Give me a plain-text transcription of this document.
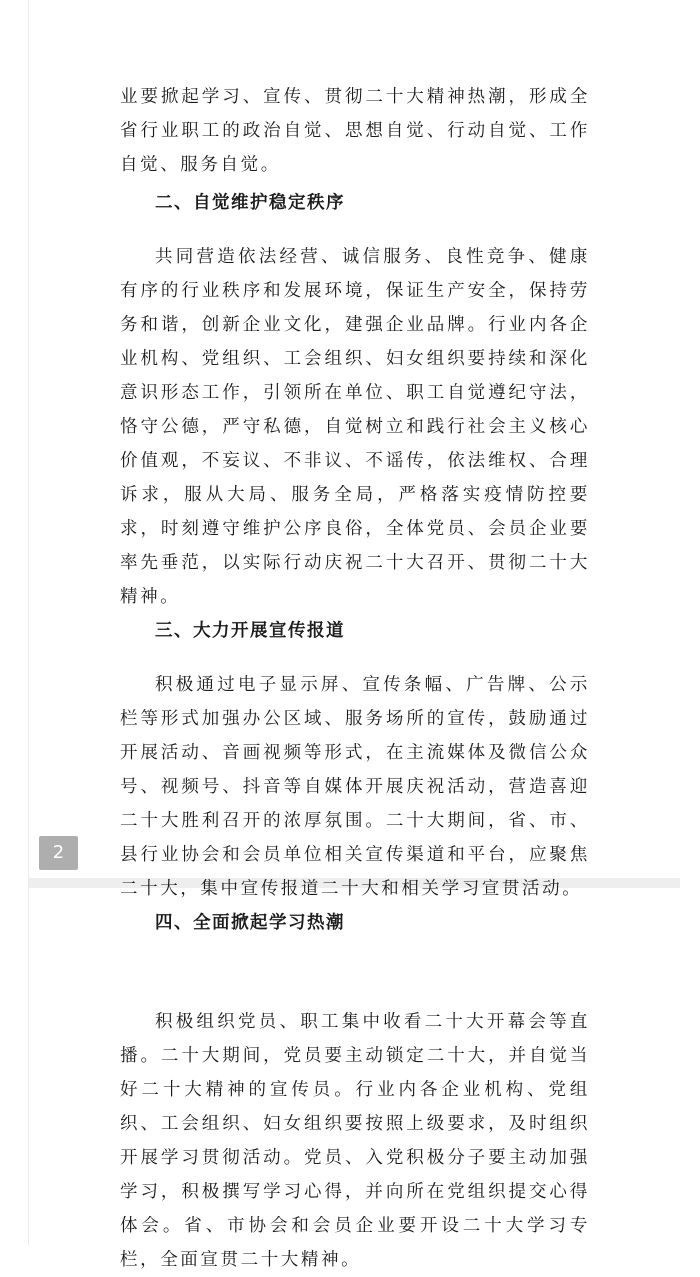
业要掀起学习、宣传、贯彻二十大精神热潮，形成全省行业职工的政治自觉、思想自觉、行动自觉、工作自觉、服务自觉。

二、自觉维护稳定秩序

共同营造依法经营、诚信服务、良性竞争、健康有序的行业秩序和发展环境，保证生产安全，保持劳务和谐，创新企业文化，建强企业品牌。行业内各企业机构、党组织、工会组织、妇女组织要持续和深化意识形态工作，引领所在单位、职工自觉遵纪守法，恪守公德，严守私德，自觉树立和践行社会主义核心价值观，不妄议、不非议、不谣传，依法维权、合理诉求，服从大局、服务全局，严格落实疫情防控要求，时刻遵守维护公序良俗，全体党员、会员企业要率先垂范，以实际行动庆祝二十大召开、贯彻二十大精神。

三、大力开展宣传报道

积极通过电子显示屏、宣传条幅、广告牌、公示栏等形式加强办公区域、服务场所的宣传，鼓励通过开展活动、音画视频等形式，在主流媒体及微信公众号、视频号、抖音等自媒体开展庆祝活动，营造喜迎二十大胜利召开的浓厚氛围。二十大期间，省、市、县行业协会和会员单位相关宣传渠道和平台，应聚焦二十大，集中宣传报道二十大和相关学习宣贯活动。

四、全面掀起学习热潮

2

积极组织党员、职工集中收看二十大开幕会等直播。二十大期间，党员要主动锁定二十大，并自觉当好二十大精神的宣传员。行业内各企业机构、党组织、工会组织、妇女组织要按照上级要求，及时组织开展学习贯彻活动。党员、入党积极分子要主动加强学习，积极撰写学习心得，并向所在党组织提交心得体会。省、市协会和会员企业要开设二十大学习专栏，全面宣贯二十大精神。
